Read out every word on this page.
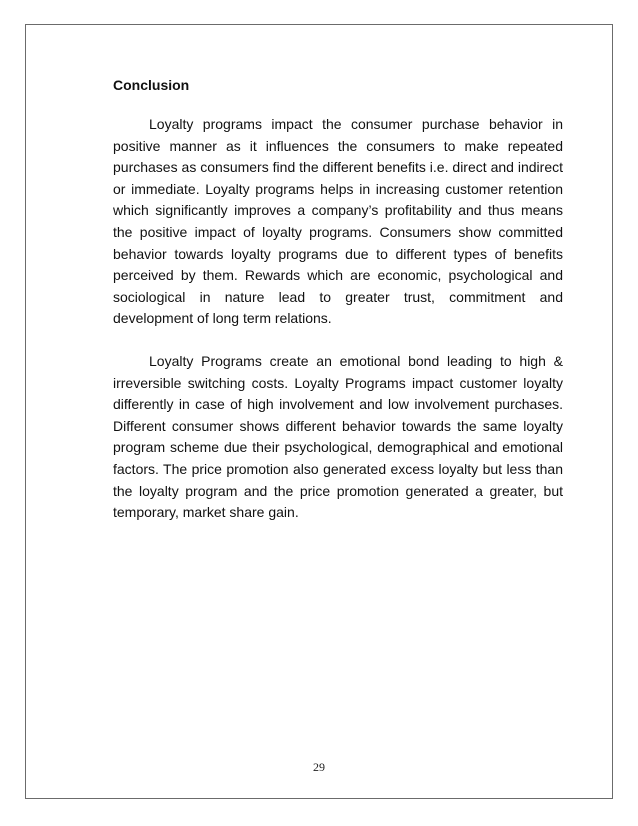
Conclusion

Loyalty programs impact the consumer purchase behavior in positive manner as it influences the consumers to make repeated purchases as consumers find the different benefits i.e. direct and indirect or immediate. Loyalty programs helps in increasing customer retention which significantly improves a company’s profitability and thus means the positive impact of loyalty programs. Consumers show committed behavior towards loyalty programs due to different types of benefits perceived by them. Rewards which are economic, psychological and sociological in nature lead to greater trust, commitment and development of long term relations.

Loyalty Programs create an emotional bond leading to high & irreversible switching costs. Loyalty Programs impact customer loyalty differently in case of high involvement and low involvement purchases. Different consumer shows different behavior towards the same loyalty program scheme due their psychological, demographical and emotional factors. The price promotion also generated excess loyalty but less than the loyalty program and the price promotion generated a greater, but temporary, market share gain.

29
